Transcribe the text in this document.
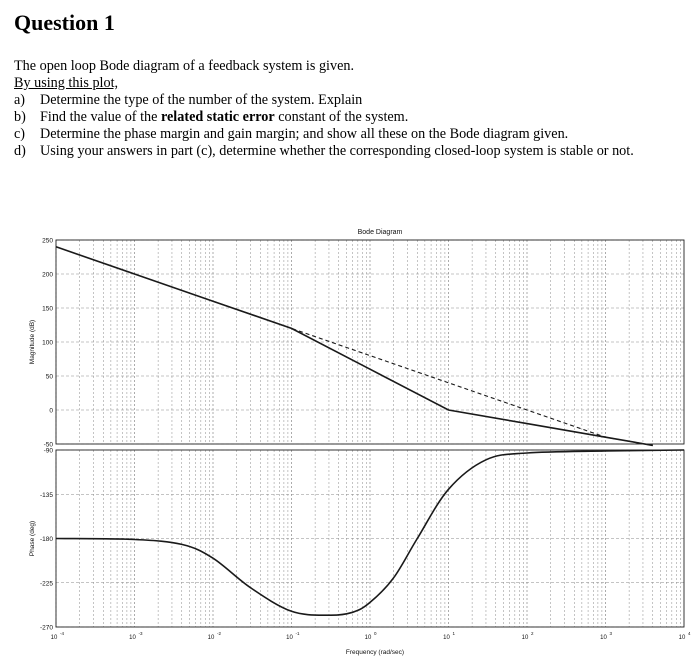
Question 1

The open loop Bode diagram of a feedback system is given.

By using this plot,

a)	Determine the type of the number of the system. Explain
b) Find the value of the related static error constant of the system.
c)	Determine the phase margin and gain margin; and show all these on the Bode diagram given.
d) Using your answers in part (c), determine whether the corresponding closed-loop system is stable or not.
Bode Diagram
-50
0
50
100
150
200
250
Magnitude (dB)
-90
-135
-180
-225
-270
Phase (deg)
10
-4
10
-3
10
-2
10
-1
10
0
10
1
10
2
10
3
10
4
Frequency (rad/sec)
